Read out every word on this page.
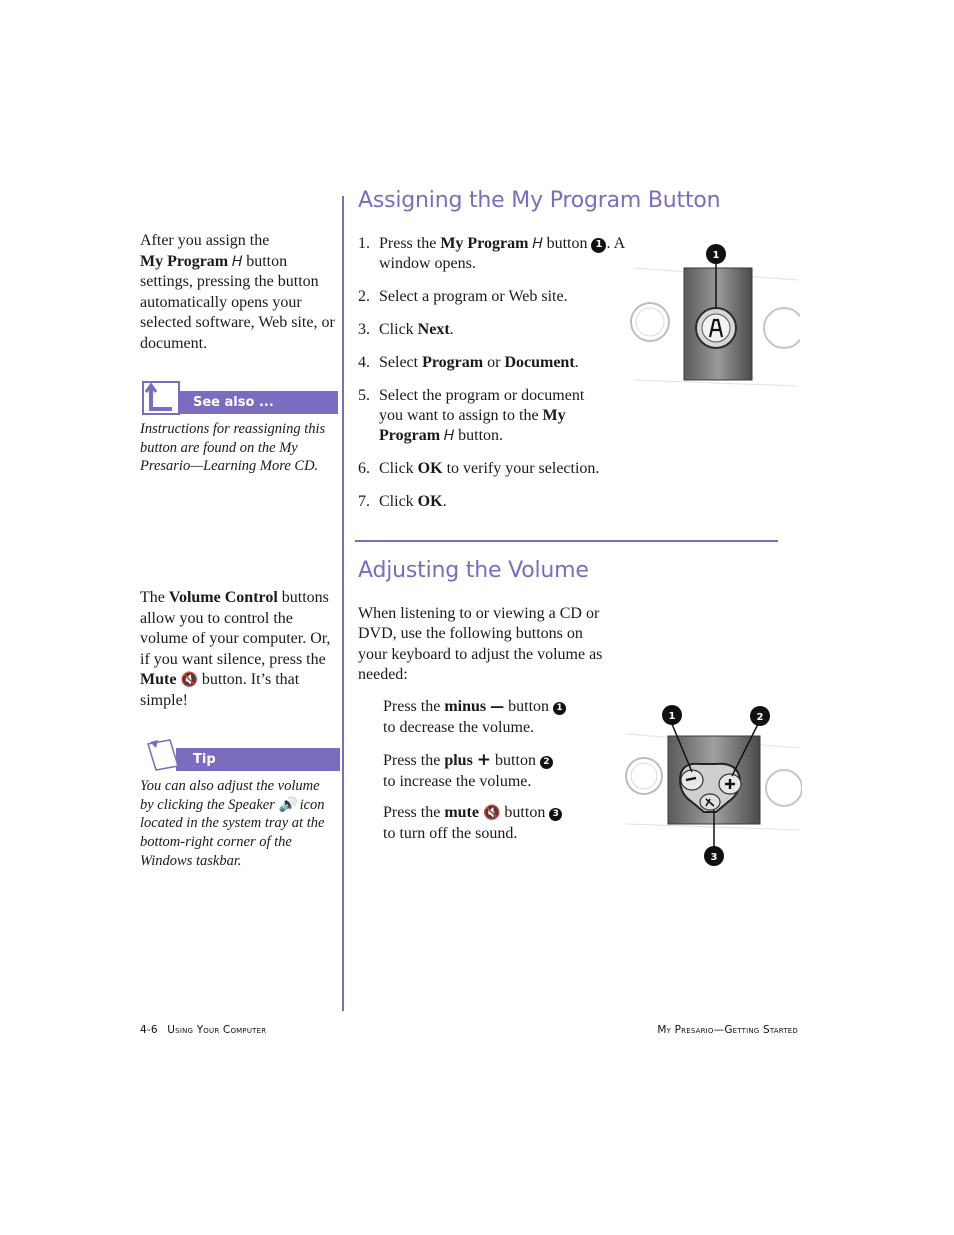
Assigning the My Program Button
After you assign the
My Program 𝛨 button settings, pressing the button automatically opens your selected software, Web site, or document.
See also ...
Instructions for reassigning this button are found on the My Presario—Learning More CD.
1. Press the My Program 𝛨 button 1 . A window opens.
2. Select a program or Web site.
3. Click Next.
4. Select Program or Document.
5. Select the program or document you want to assign to the My Program 𝛨 button.
6. Click OK to verify your selection.
7. Click OK.
1
Adjusting the Volume
The Volume Control buttons allow you to control the volume of your computer. Or, if you want silence, press the Mute 🔇 button. It’s that simple!
Tip
You can also adjust the volume by clicking the Speaker 🔊 icon located in the system tray at the bottom-right corner of the Windows taskbar.
When listening to or viewing a CD or DVD, use the following buttons on your keyboard to adjust the volume as needed:
Press the minus — button 1
to decrease the volume.
Press the plus + button 2
to increase the volume.
Press the mute 🔇 button 3
to turn off the sound.
1	2
3
4-6 Using Your Computer	My Presario—Getting Started
